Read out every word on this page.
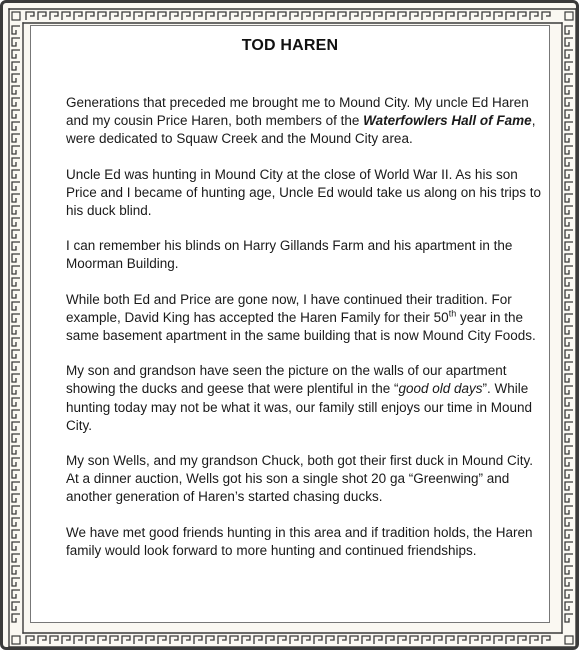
TOD HAREN

Generations that preceded me brought me to Mound City. My uncle Ed Haren and my cousin Price Haren, both members of the Waterfowlers Hall of Fame, were dedicated to Squaw Creek and the Mound City area.

Uncle Ed was hunting in Mound City at the close of World War II. As his son Price and I became of hunting age, Uncle Ed would take us along on his trips to his duck blind.

I can remember his blinds on Harry Gillands Farm and his apartment in the Moorman Building.

While both Ed and Price are gone now, I have continued their tradition. For example, David King has accepted the Haren Family for their 50th year in the same basement apartment in the same building that is now Mound City Foods.

My son and grandson have seen the picture on the walls of our apartment showing the ducks and geese that were plentiful in the “good old days”. While hunting today may not be what it was, our family still enjoys our time in Mound City.

My son Wells, and my grandson Chuck, both got their first duck in Mound City. At a dinner auction, Wells got his son a single shot 20 ga “Greenwing” and another generation of Haren’s started chasing ducks.

We have met good friends hunting in this area and if tradition holds, the Haren family would look forward to more hunting and continued friendships.
